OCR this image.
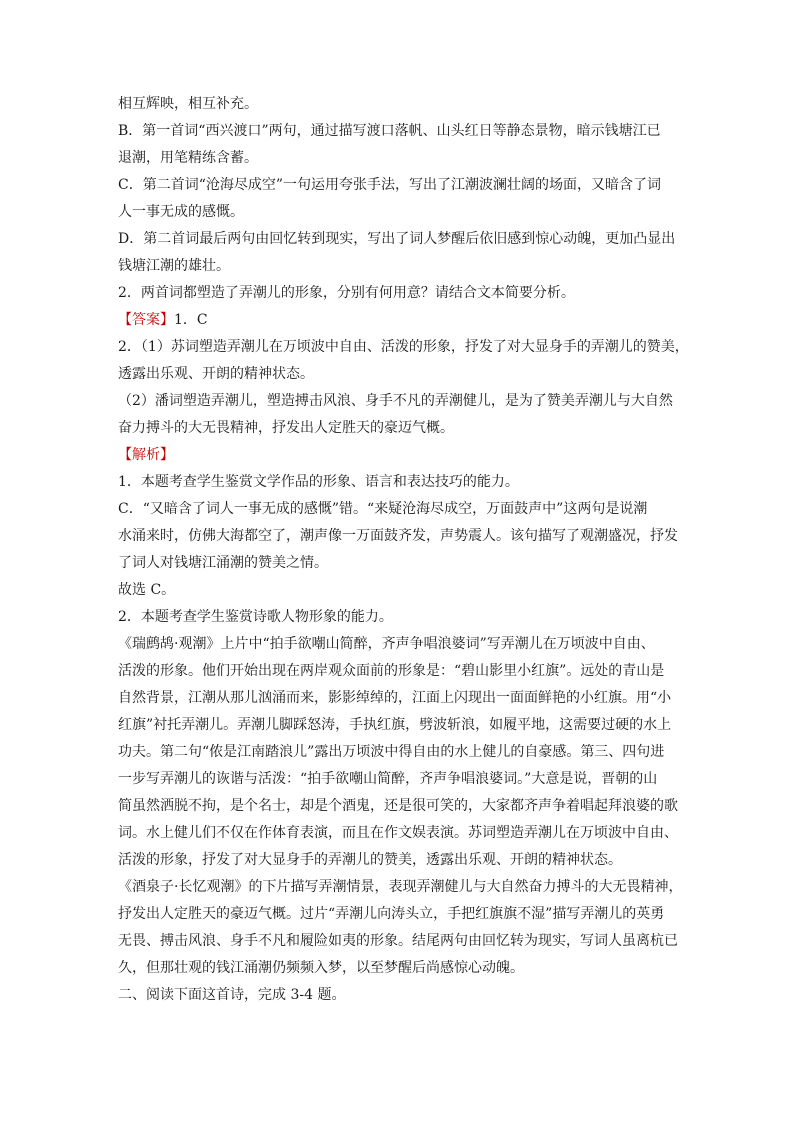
相互辉映，相互补充。
B．第一首词“西兴渡口”两句，通过描写渡口落帆、山头红日等静态景物，暗示钱塘江已
退潮，用笔精练含蓄。
C．第二首词“沧海尽成空”一句运用夸张手法，写出了江潮波澜壮阔的场面，又暗含了词
人一事无成的感慨。
D．第二首词最后两句由回忆转到现实，写出了词人梦醒后依旧感到惊心动魄，更加凸显出
钱塘江潮的雄壮。
2．两首词都塑造了弄潮儿的形象，分别有何用意？请结合文本简要分析。
【答案】1．C
2．（1）苏词塑造弄潮儿在万顷波中自由、活泼的形象，抒发了对大显身手的弄潮儿的赞美，
透露出乐观、开朗的精神状态。
（2）潘词塑造弄潮儿，塑造搏击风浪、身手不凡的弄潮健儿，是为了赞美弄潮儿与大自然
奋力搏斗的大无畏精神，抒发出人定胜天的豪迈气概。
【解析】
1．本题考查学生鉴赏文学作品的形象、语言和表达技巧的能力。
C．“又暗含了词人一事无成的感慨”错。“来疑沧海尽成空，万面鼓声中”这两句是说潮
水涌来时，仿佛大海都空了，潮声像一万面鼓齐发，声势震人。该句描写了观潮盛况，抒发
了词人对钱塘江涌潮的赞美之情。
故选 C。
2．本题考查学生鉴赏诗歌人物形象的能力。
《瑞鹧鸪·观潮》上片中“拍手欲嘲山简醉，齐声争唱浪婆词”写弄潮儿在万顷波中自由、
活泼的形象。他们开始出现在两岸观众面前的形象是：“碧山影里小红旗”。远处的青山是
自然背景，江潮从那儿汹涌而来，影影绰绰的，江面上闪现出一面面鲜艳的小红旗。用“小
红旗”衬托弄潮儿。弄潮儿脚踩怒涛，手执红旗，劈波斩浪，如履平地，这需要过硬的水上
功夫。第二句“侬是江南踏浪儿”露出万顷波中得自由的水上健儿的自豪感。第三、四句进
一步写弄潮儿的诙谐与活泼：“拍手欲嘲山简醉，齐声争唱浪婆词。”大意是说，晋朝的山
简虽然洒脱不拘，是个名士，却是个酒鬼，还是很可笑的，大家都齐声争着唱起拜浪婆的歌
词。水上健儿们不仅在作体育表演，而且在作文娱表演。苏词塑造弄潮儿在万顷波中自由、
活泼的形象，抒发了对大显身手的弄潮儿的赞美，透露出乐观、开朗的精神状态。
《酒泉子·长忆观潮》的下片描写弄潮情景，表现弄潮健儿与大自然奋力搏斗的大无畏精神，
抒发出人定胜天的豪迈气概。过片“弄潮儿向涛头立，手把红旗旗不湿”描写弄潮儿的英勇
无畏、搏击风浪、身手不凡和履险如夷的形象。结尾两句由回忆转为现实，写词人虽离杭已
久，但那壮观的钱江涌潮仍频频入梦，以至梦醒后尚感惊心动魄。
二、阅读下面这首诗，完成 3-4 题。
